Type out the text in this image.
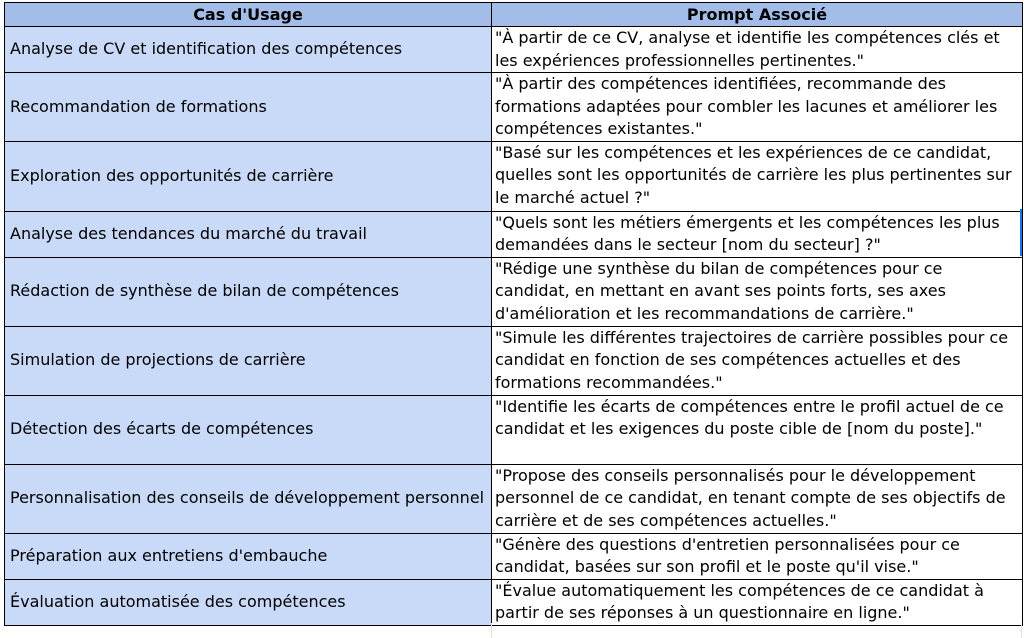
Cas d'Usage	Prompt Associé
Analyse de CV et identification des compétences	"À partir de ce CV, analyse et identifie les compétences clés et les expériences professionnelles pertinentes."
Recommandation de formations	"À partir des compétences identifiées, recommande des formations adaptées pour combler les lacunes et améliorer les compétences existantes."
Exploration des opportunités de carrière	"Basé sur les compétences et les expériences de ce candidat, quelles sont les opportunités de carrière les plus pertinentes sur le marché actuel ?"
Analyse des tendances du marché du travail	"Quels sont les métiers émergents et les compétences les plus demandées dans le secteur [nom du secteur] ?"
Rédaction de synthèse de bilan de compétences	"Rédige une synthèse du bilan de compétences pour ce candidat, en mettant en avant ses points forts, ses axes d'amélioration et les recommandations de carrière."
Simulation de projections de carrière	"Simule les différentes trajectoires de carrière possibles pour ce candidat en fonction de ses compétences actuelles et des formations recommandées."
Détection des écarts de compétences	"Identifie les écarts de compétences entre le profil actuel de ce candidat et les exigences du poste cible de [nom du poste]."
Personnalisation des conseils de développement personnel	"Propose des conseils personnalisés pour le développement personnel de ce candidat, en tenant compte de ses objectifs de carrière et de ses compétences actuelles."
Préparation aux entretiens d'embauche	"Génère des questions d'entretien personnalisées pour ce candidat, basées sur son profil et le poste qu'il vise."
Évaluation automatisée des compétences	"Évalue automatiquement les compétences de ce candidat à partir de ses réponses à un questionnaire en ligne."
